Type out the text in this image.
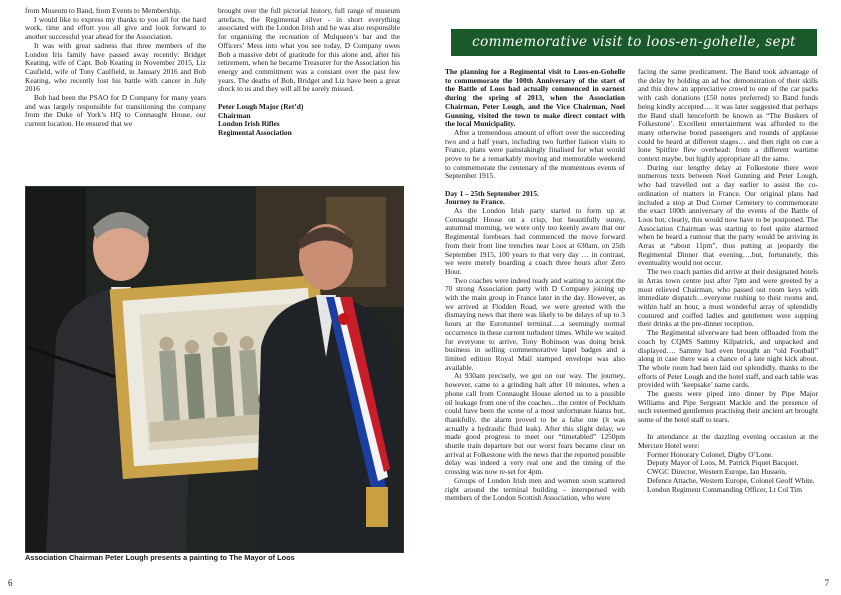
from Museum to Band, from Events to Membership.

I would like to express my thanks to you all for the hard work, time and effort you all give and look forward to another successful year ahead for the Association.

It was with great sadness that three members of the London Iris family have passed away recently: Bridget Keating, wife of Capt. Bob Keating in November 2015, Liz Caufield, wife of Tony Caulfield, in January 2016 and Bob Keating, who recently lost his battle with cancer in July 2016

Bob had been the PSAO for D Company for many years and was largely responsible for transitioning the company from the Duke of York’s HQ to Connaught House, our current location. He ensured that we

brought over the full pictorial history, full range of museum artefacts, the Regimental silver - in short everything associated with the London Irish and he was also responsible for organising the recreation of Mulqueen’s bar and the Officers’ Mess into what you see today, D Company owes Bob a massive debt of gratitude for this alone and, after his retirement, when he became Treasurer for the Association his energy and commitment was a constant over the past few years. The deaths of Bob, Bridget and Liz have been a great shock to us and they will all be sorely missed.

Peter Lough Major (Ret’d)

Chairman

London Irish Rifles

Regimental Association

Association Chairman Peter Lough presents a painting to The Mayor of Loos
6	7
commemorative visit to loos-en-gohelle, sept 2015.

The planning for a Regimental visit to Loos-en-Gohelle to commemorate the 100th Anniversary of the start of the Battle of Loos had actually commenced in earnest during the spring of 2013, when the Association Chairman, Peter Lough, and the Vice Chairman, Noel Gunning, visited the town to make direct contact with the local Municipality.

After a tremendous amount of effort over the succeeding two and a half years, including two further liaison visits to France, plans were painstakingly finalised for what would prove to be a remarkably moving and memorable weekend to commemorate the centenary of the momentous events of September 1915.

Day 1 – 25th September 2015.

Journey to France.

As the London Irish party started to form up at Connaught House on a crisp, but beautifully sunny, autumnal morning, we were only too keenly aware that our Regimental forebears had commenced the move forward from their front line trenches near Loos at 630am, on 25th September 1915, 100 years to that very day … in contrast, we were merely boarding a coach three hours after Zero Hour.

Two coaches were indeed ready and waiting to accept the 70 strong Association party with D Company joining up with the main group in France later in the day. However, as we arrived at Flodden Road, we were greeted with the dismaying news that there was likely to be delays of up to 3 hours at the Eurotunnel terminal….a seemingly normal occurrence in these current turbulent times. While we waited for everyone to arrive, Tony Robinson was doing brisk business in selling commemorative lapel badges and a limited edition Royal Mail stamped envelope was also available.

At 930am precisely, we got on our way. The journey, however, came to a grinding halt after 10 minutes, when a phone call from Connaught House alerted us to a possible oil leakage from one of the coaches…the centre of Peckham could have been the scene of a most unfortunate hiatus but, thankfully, the alarm proved to be a false one (it was actually a hydraulic fluid leak). After this slight delay, we made good progress to meet our “timetabled” 1250pm shuttle train departure but our worst fears became clear on arrival at Folkestone with the news that the reported possible delay was indeed a very real one and the timing of the crossing was now re-set for 4pm.

Groups of London Irish men and women soon scattered right around the terminal building – interspersed with members of the London Scottish Association, who were

facing the same predicament. The Band took advantage of the delay by holding an ad hoc demonstration of their skills and this drew an appreciative crowd to one of the car parks with cash donations (£50 notes preferred) to Band funds being kindly accepted…. it was later suggested that perhaps the Band shall henceforth be known as “The Buskers of Folkestone’. Excellent entertainment was afforded to the many otherwise bored passengers and rounds of applause could be heard at different stages… and then right on cue a lone Spitfire flew overhead: from a different wartime context maybe, but highly appropriate all the same.

During our lengthy delay at Folkestone there were numerous texts between Noel Gunning and Peter Lough, who had travelled out a day earlier to assist the co-ordination of matters in France. Our original plans had included a stop at Dud Corner Cemetery to commemorate the exact 100th anniversary of the events of the Battle of Loos but, clearly, this would now have to be postponed. The Association Chairman was starting to feel quite alarmed when he heard a rumour that the party would be arriving in Arras at “about 11pm”, thus putting at jeopardy the Regimental Dinner that evening….but, fortunately, this eventuality would not occur.

The two coach parties did arrive at their designated hotels in Arras town centre just after 7pm and were greeted by a most relieved Chairman, who passed out room keys with immediate dispatch…everyone rushing to their rooms and, within half an hour, a most wonderful array of splendidly coutured and coiffed ladies and gentlemen were supping their drinks at the pre-dinner reception.

The Regimental silverware had been offloaded from the coach by CQMS Sammy Kilpatrick, and unpacked and displayed…. Sammy had even brought an “old Football” along in case there was a chance of a late night kick about. The whole room had been laid out splendidly, thanks to the efforts of Peter Lough and the hotel staff, and each table was provided with ‘keepsake’ name cards.

The guests were piped into dinner by Pipe Major Williams and Pipe Sergeant Mackie and the presence of such esteemed gentlemen practising their ancient art brought some of the hotel staff to tears.

In attendance at the dazzling evening occasion at the Mercure Hotel were:

Former Honorary Colonel, Digby O’Lone.

Deputy Mayor of Loos, M. Patrick Piquet Bacquet.

CWGC Director, Western Europe, Ian Hussein.

Defence Attache, Western Europe, Colonel Geoff White.

London Regiment Commanding Officer, Lt Col Tim
